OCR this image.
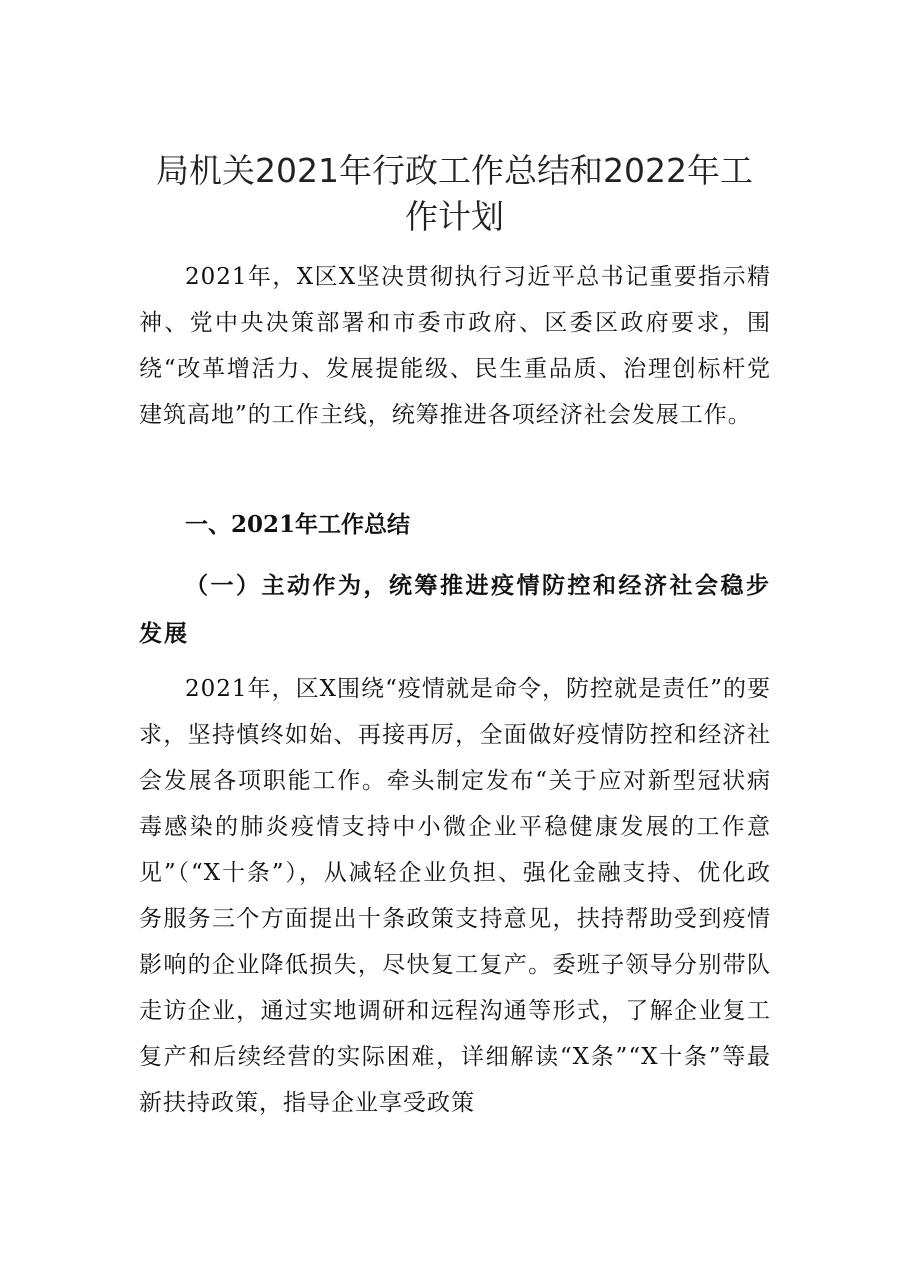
局机关2021年行政工作总结和2022年工
作计划
2021年，X区X坚决贯彻执行习近平总书记重要指示精神、党中央决策部署和市委市政府、区委区政府要求，围绕“改革增活力、发展提能级、民生重品质、治理创标杆党建筑高地”的工作主线，统筹推进各项经济社会发展工作。
一、2021年工作总结
（一）主动作为，统筹推进疫情防控和经济社会稳步发展
2021年，区X围绕“疫情就是命令，防控就是责任”的要求，坚持慎终如始、再接再厉，全面做好疫情防控和经济社会发展各项职能工作。牵头制定发布“关于应对新型冠状病毒感染的肺炎疫情支持中小微企业平稳健康发展的工作意见”（“X十条”），从减轻企业负担、强化金融支持、优化政务服务三个方面提出十条政策支持意见，扶持帮助受到疫情影响的企业降低损失，尽快复工复产。委班子领导分别带队走访企业，通过实地调研和远程沟通等形式，了解企业复工复产和后续经营的实际困难，详细解读“X条”“X十条”等最新扶持政策，指导企业享受政策
